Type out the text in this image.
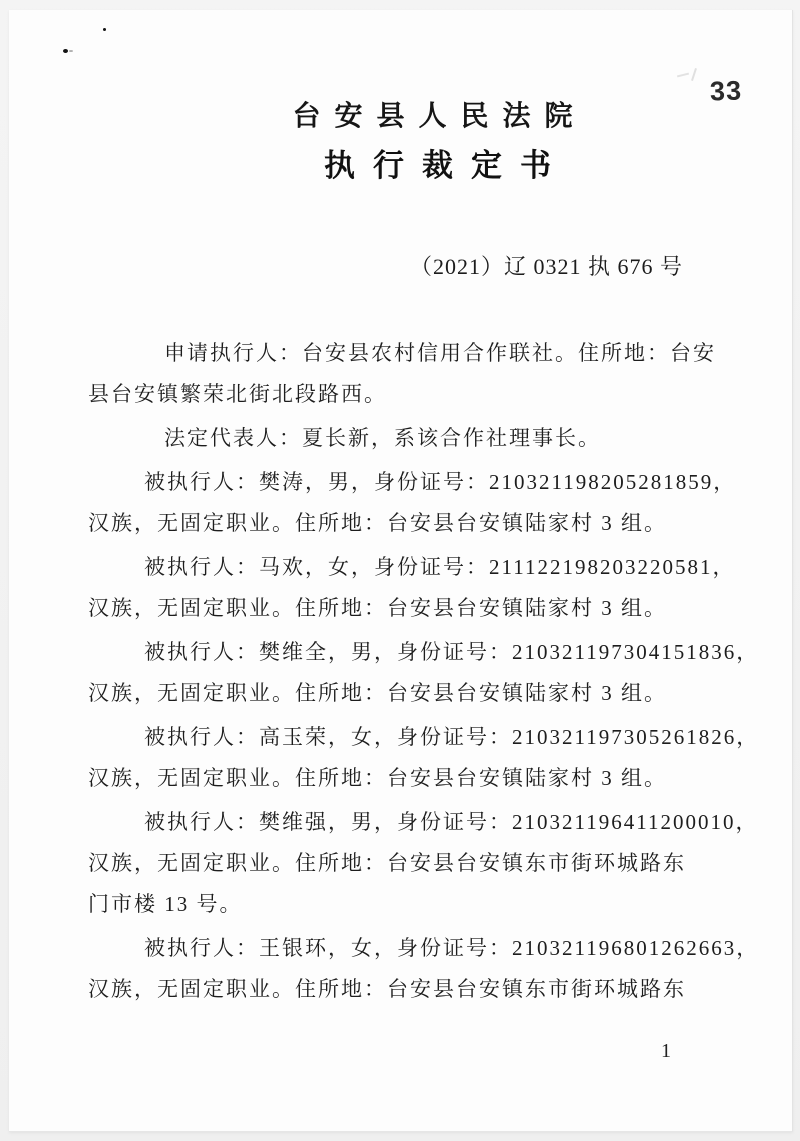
33
台安县人民法院
执行裁定书
（2021）辽 0321 执 676 号

申请执行人：台安县农村信用合作联社。住所地：台安
县台安镇繁荣北街北段路西。

法定代表人：夏长新，系该合作社理事长。

被执行人：樊涛，男，身份证号：210321198205281859，
汉族，无固定职业。住所地：台安县台安镇陆家村 3 组。

被执行人：马欢，女，身份证号：211122198203220581，
汉族，无固定职业。住所地：台安县台安镇陆家村 3 组。

被执行人：樊维全，男，身份证号：210321197304151836，
汉族，无固定职业。住所地：台安县台安镇陆家村 3 组。

被执行人：高玉荣，女，身份证号：210321197305261826，
汉族，无固定职业。住所地：台安县台安镇陆家村 3 组。

被执行人：樊维强，男，身份证号：210321196411200010，
汉族，无固定职业。住所地：台安县台安镇东市街环城路东
门市楼 13 号。

被执行人：王银环，女，身份证号：210321196801262663，
汉族，无固定职业。住所地：台安县台安镇东市街环城路东

1
